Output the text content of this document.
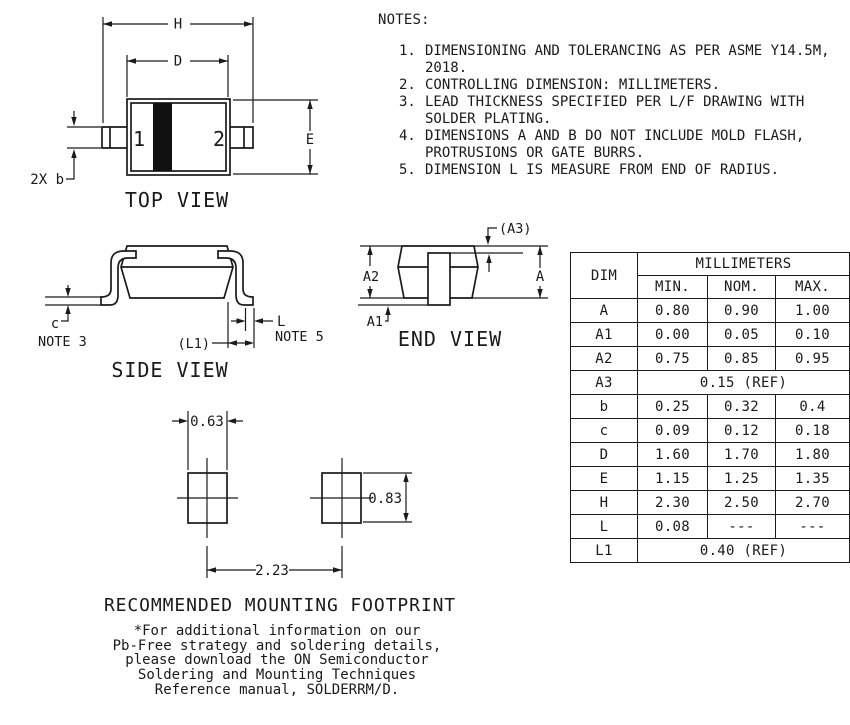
H
D
E
2X b
1	2
TOP VIEW
c
NOTE 3
L
NOTE 5
(L1)
SIDE VIEW
A2	A
(A3)
A1
END VIEW
0.63
0.83
2.23
RECOMMENDED MOUNTING FOOTPRINT
NOTES:
1. DIMENSIONING AND TOLERANCING AS PER ASME Y14.5M, 2018.
2. CONTROLLING DIMENSION: MILLIMETERS.
3. LEAD THICKNESS SPECIFIED PER L/F DRAWING WITH SOLDER PLATING.
4. DIMENSIONS A AND B DO NOT INCLUDE MOLD FLASH, PROTRUSIONS OR GATE BURRS.
5. DIMENSION L IS MEASURE FROM END OF RADIUS.
DIM	MILLIMETERS		
	MIN.	NOM.	MAX.
A	0.80	0.90	1.00
A1	0.00	0.05	0.10
A2	0.75	0.85	0.95
A3	0.15 (REF)		
b	0.25	0.32	0.4
c	0.09	0.12	0.18
D	1.60	1.70	1.80
E	1.15	1.25	1.35
H	2.30	2.50	2.70
L	0.08	---	---
L1	0.40 (REF)		
*For additional information on our
Pb-Free strategy and soldering details,
please download the ON Semiconductor
Soldering and Mounting Techniques
Reference manual, SOLDERRM/D.
